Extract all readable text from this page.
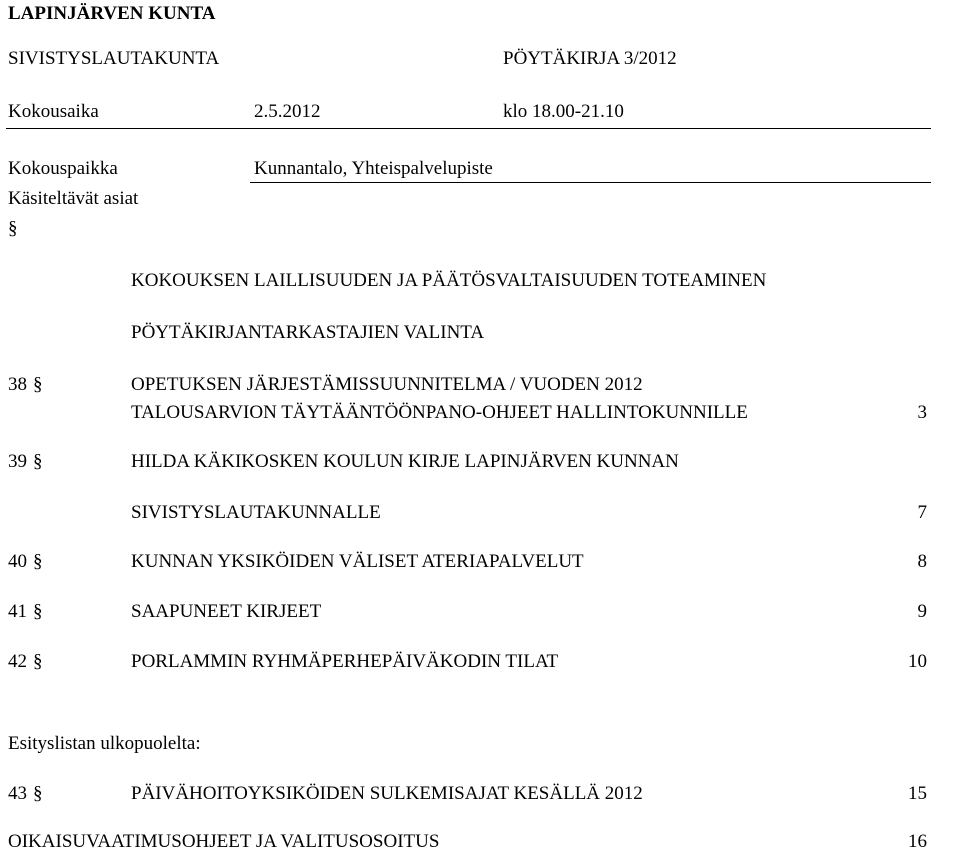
LAPINJÄRVEN KUNTA
SIVISTYSLAUTAKUNTA	PÖYTÄKIRJA 3/2012
Kokousaika	2.5.2012	klo 18.00-21.10
Kokouspaikka	Kunnantalo, Yhteispalvelupiste
Käsiteltävät asiat
§
KOKOUKSEN LAILLISUUDEN JA PÄÄTÖSVALTAISUUDEN TOTEAMINEN
PÖYTÄKIRJANTARKASTAJIEN VALINTA
38 §	OPETUKSEN JÄRJESTÄMISSUUNNITELMA / VUODEN 2012
TALOUSARVION TÄYTÄÄNTÖÖNPANO-OHJEET HALLINTOKUNNILLE	3
39 §	HILDA KÄKIKOSKEN KOULUN KIRJE LAPINJÄRVEN KUNNAN
SIVISTYSLAUTAKUNNALLE	7
40 §	KUNNAN YKSIKÖIDEN VÄLISET ATERIAPALVELUT	8
41 §	SAAPUNEET KIRJEET	9
42 §	PORLAMMIN RYHMÄPERHEPÄIVÄKODIN TILAT	10
Esityslistan ulkopuolelta:
43 §	PÄIVÄHOITOYKSIKÖIDEN SULKEMISAJAT KESÄLLÄ 2012	15
OIKAISUVAATIMUSOHJEET JA VALITUSOSOITUS	16
